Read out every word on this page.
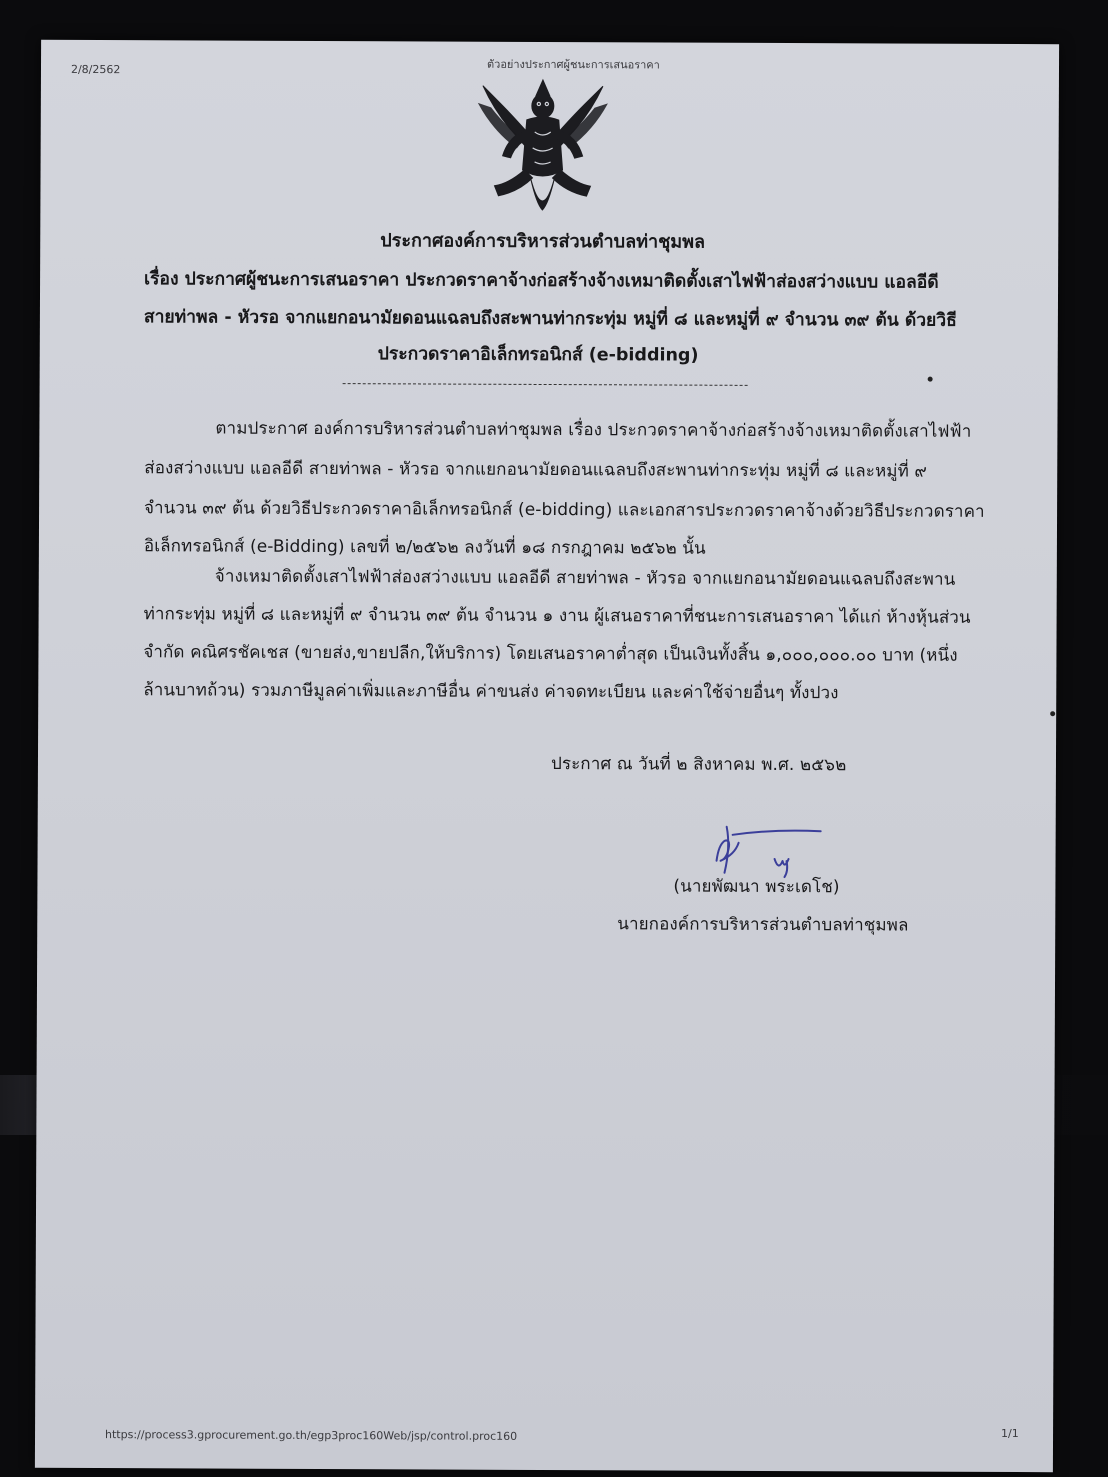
2/8/2562	ตัวอย่างประกาศผู้ชนะการเสนอราคา
ประกาศองค์การบริหารส่วนตำบลท่าชุมพล
เรื่อง ประกาศผู้ชนะการเสนอราคา ประกวดราคาจ้างก่อสร้างจ้างเหมาติดตั้งเสาไฟฟ้าส่องสว่างแบบ แอลอีดี
สายท่าพล - หัวรอ จากแยกอนามัยดอนแฉลบถึงสะพานท่ากระทุ่ม หมู่ที่ ๘ และหมู่ที่ ๙ จำนวน ๓๙ ต้น ด้วยวิธี
ประกวดราคาอิเล็กทรอนิกส์ (e-bidding)
ตามประกาศ องค์การบริหารส่วนตำบลท่าชุมพล เรื่อง ประกวดราคาจ้างก่อสร้างจ้างเหมาติดตั้งเสาไฟฟ้า
ส่องสว่างแบบ แอลอีดี สายท่าพล - หัวรอ จากแยกอนามัยดอนแฉลบถึงสะพานท่ากระทุ่ม หมู่ที่ ๘ และหมู่ที่ ๙
จำนวน ๓๙ ต้น ด้วยวิธีประกวดราคาอิเล็กทรอนิกส์ (e-bidding) และเอกสารประกวดราคาจ้างด้วยวิธีประกวดราคา
อิเล็กทรอนิกส์ (e-Bidding) เลขที่ ๒/๒๕๖๒ ลงวันที่ ๑๘ กรกฎาคม ๒๕๖๒ นั้น
จ้างเหมาติดตั้งเสาไฟฟ้าส่องสว่างแบบ แอลอีดี สายท่าพล - หัวรอ จากแยกอนามัยดอนแฉลบถึงสะพาน
ท่ากระทุ่ม หมู่ที่ ๘ และหมู่ที่ ๙ จำนวน ๓๙ ต้น จำนวน ๑ งาน ผู้เสนอราคาที่ชนะการเสนอราคา ได้แก่ ห้างหุ้นส่วน
จำกัด คณิศรชัคเชส (ขายส่ง,ขายปลีก,ให้บริการ) โดยเสนอราคาต่ำสุด เป็นเงินทั้งสิ้น ๑,๐๐๐,๐๐๐.๐๐ บาท (หนึ่ง
ล้านบาทถ้วน) รวมภาษีมูลค่าเพิ่มและภาษีอื่น ค่าขนส่ง ค่าจดทะเบียน และค่าใช้จ่ายอื่นๆ ทั้งปวง
ประกาศ ณ วันที่ ๒ สิงหาคม พ.ศ. ๒๕๖๒
(นายพัฒนา พระเดโช)
นายกองค์การบริหารส่วนตำบลท่าชุมพล
https://process3.gprocurement.go.th/egp3proc160Web/jsp/control.proc160	1/1
